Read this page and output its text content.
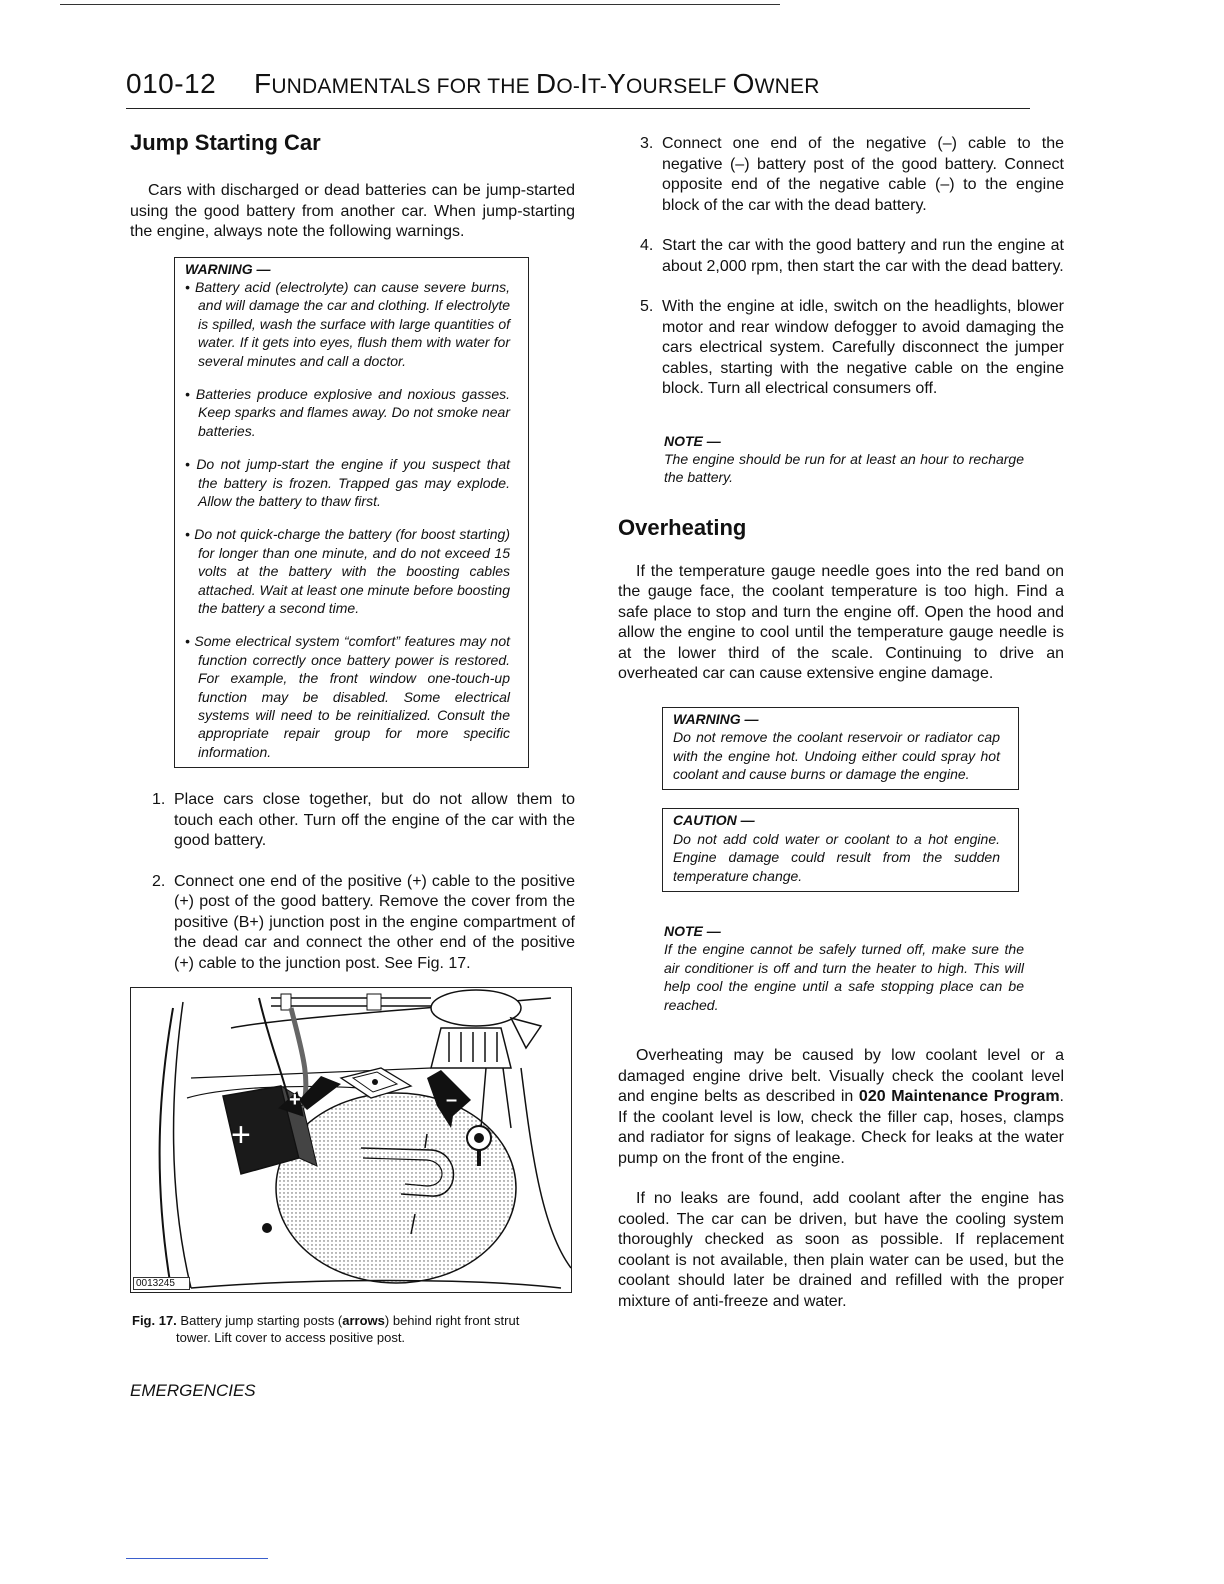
010-12 FUNDAMENTALS FOR THE DO-IT-YOURSELF OWNER
Jump Starting Car

Cars with discharged or dead batteries can be jump-started using the good battery from another car. When jump-starting the engine, always note the following warnings.

WARNING —
• Battery acid (electrolyte) can cause severe burns, and will damage the car and clothing. If electrolyte is spilled, wash the surface with large quantities of water. If it gets into eyes, flush them with water for several minutes and call a doctor.
• Batteries produce explosive and noxious gasses. Keep sparks and flames away. Do not smoke near batteries.
• Do not jump-start the engine if you suspect that the battery is frozen. Trapped gas may explode. Allow the battery to thaw first.
• Do not quick-charge the battery (for boost starting) for longer than one minute, and do not exceed 15 volts at the battery with the boosting cables attached. Wait at least one minute before boosting the battery a second time.
• Some electrical system “comfort” features may not function correctly once battery power is restored. For example, the front window one-touch-up function may be disabled. Some electrical systems will need to be reinitialized. Consult the appropriate repair group for more specific information.
1. Place cars close together, but do not allow them to touch each other. Turn off the engine of the car with the good battery.
2. Connect one end of the positive (+) cable to the positive (+) post of the good battery. Remove the cover from the positive (B+) junction post in the engine compartment of the dead car and connect the other end of the positive (+) cable to the junction post. See Fig. 17.
+
+	–
0013245
Fig. 17. Battery jump starting posts (arrows) behind right front strut
tower. Lift cover to access positive post.
EMERGENCIES
3. Connect one end of the negative (–) cable to the negative (–) battery post of the good battery. Connect opposite end of the negative cable (–) to the engine block of the car with the dead battery.
4. Start the car with the good battery and run the engine at about 2,000 rpm, then start the car with the dead battery.
5. With the engine at idle, switch on the headlights, blower motor and rear window defogger to avoid damaging the cars electrical system. Carefully disconnect the jumper cables, starting with the negative cable on the engine block. Turn all electrical consumers off.
NOTE —
The engine should be run for at least an hour to recharge the battery.
Overheating

If the temperature gauge needle goes into the red band on the gauge face, the coolant temperature is too high. Find a safe place to stop and turn the engine off. Open the hood and allow the engine to cool until the temperature gauge needle is at the lower third of the scale. Continuing to drive an overheated car can cause extensive engine damage.

WARNING —
Do not remove the coolant reservoir or radiator cap with the engine hot. Undoing either could spray hot coolant and cause burns or damage the engine.
CAUTION —
Do not add cold water or coolant to a hot engine. Engine damage could result from the sudden temperature change.
NOTE —
If the engine cannot be safely turned off, make sure the air conditioner is off and turn the heater to high. This will help cool the engine until a safe stopping place can be reached.

Overheating may be caused by low coolant level or a damaged engine drive belt. Visually check the coolant level and engine belts as described in 020 Maintenance Program. If the coolant level is low, check the filler cap, hoses, clamps and radiator for signs of leakage. Check for leaks at the water pump on the front of the engine.

If no leaks are found, add coolant after the engine has cooled. The car can be driven, but have the cooling system thoroughly checked as soon as possible. If replacement coolant is not available, then plain water can be used, but the coolant should later be drained and refilled with the proper mixture of anti-freeze and water.
